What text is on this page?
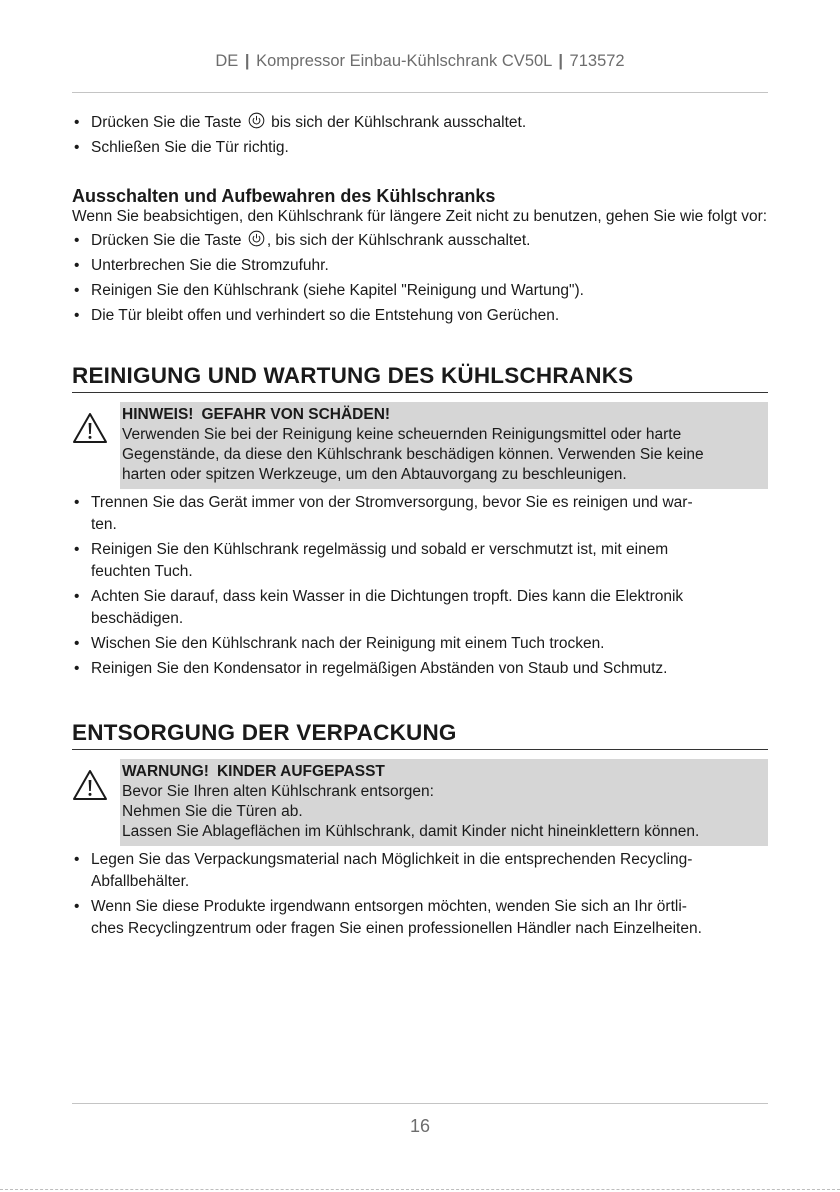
DE | Kompressor Einbau-Kühlschrank CV50L | 713572
• Drücken Sie die Taste  bis sich der Kühlschrank ausschaltet.
• Schließen Sie die Tür richtig.
Ausschalten und Aufbewahren des Kühlschranks
Wenn Sie beabsichtigen, den Kühlschrank für längere Zeit nicht zu benutzen, gehen Sie wie folgt vor:
• Drücken Sie die Taste , bis sich der Kühlschrank ausschaltet.
• Unterbrechen Sie die Stromzufuhr.
• Reinigen Sie den Kühlschrank (siehe Kapitel "Reinigung und Wartung").
• Die Tür bleibt offen und verhindert so die Entstehung von Gerüchen.
REINIGUNG UND WARTUNG DES KÜHLSCHRANKS
HINWEIS! GEFAHR VON SCHÄDEN!
Verwenden Sie bei der Reinigung keine scheuernden Reinigungsmittel oder harte
Gegenstände, da diese den Kühlschrank beschädigen können. Verwenden Sie keine
harten oder spitzen Werkzeuge, um den Abtauvorgang zu beschleunigen.
• Trennen Sie das Gerät immer von der Stromversorgung, bevor Sie es reinigen und war-
ten.
• Reinigen Sie den Kühlschrank regelmässig und sobald er verschmutzt ist, mit einem
feuchten Tuch.
• Achten Sie darauf, dass kein Wasser in die Dichtungen tropft. Dies kann die Elektronik
beschädigen.
• Wischen Sie den Kühlschrank nach der Reinigung mit einem Tuch trocken.
• Reinigen Sie den Kondensator in regelmäßigen Abständen von Staub und Schmutz.
ENTSORGUNG DER VERPACKUNG
WARNUNG! KINDER AUFGEPASST
Bevor Sie Ihren alten Kühlschrank entsorgen:
Nehmen Sie die Türen ab.
Lassen Sie Ablageflächen im Kühlschrank, damit Kinder nicht hineinklettern können.
• Legen Sie das Verpackungsmaterial nach Möglichkeit in die entsprechenden Recycling-
Abfallbehälter.
• Wenn Sie diese Produkte irgendwann entsorgen möchten, wenden Sie sich an Ihr örtli-
ches Recyclingzentrum oder fragen Sie einen professionellen Händler nach Einzelheiten.
16
